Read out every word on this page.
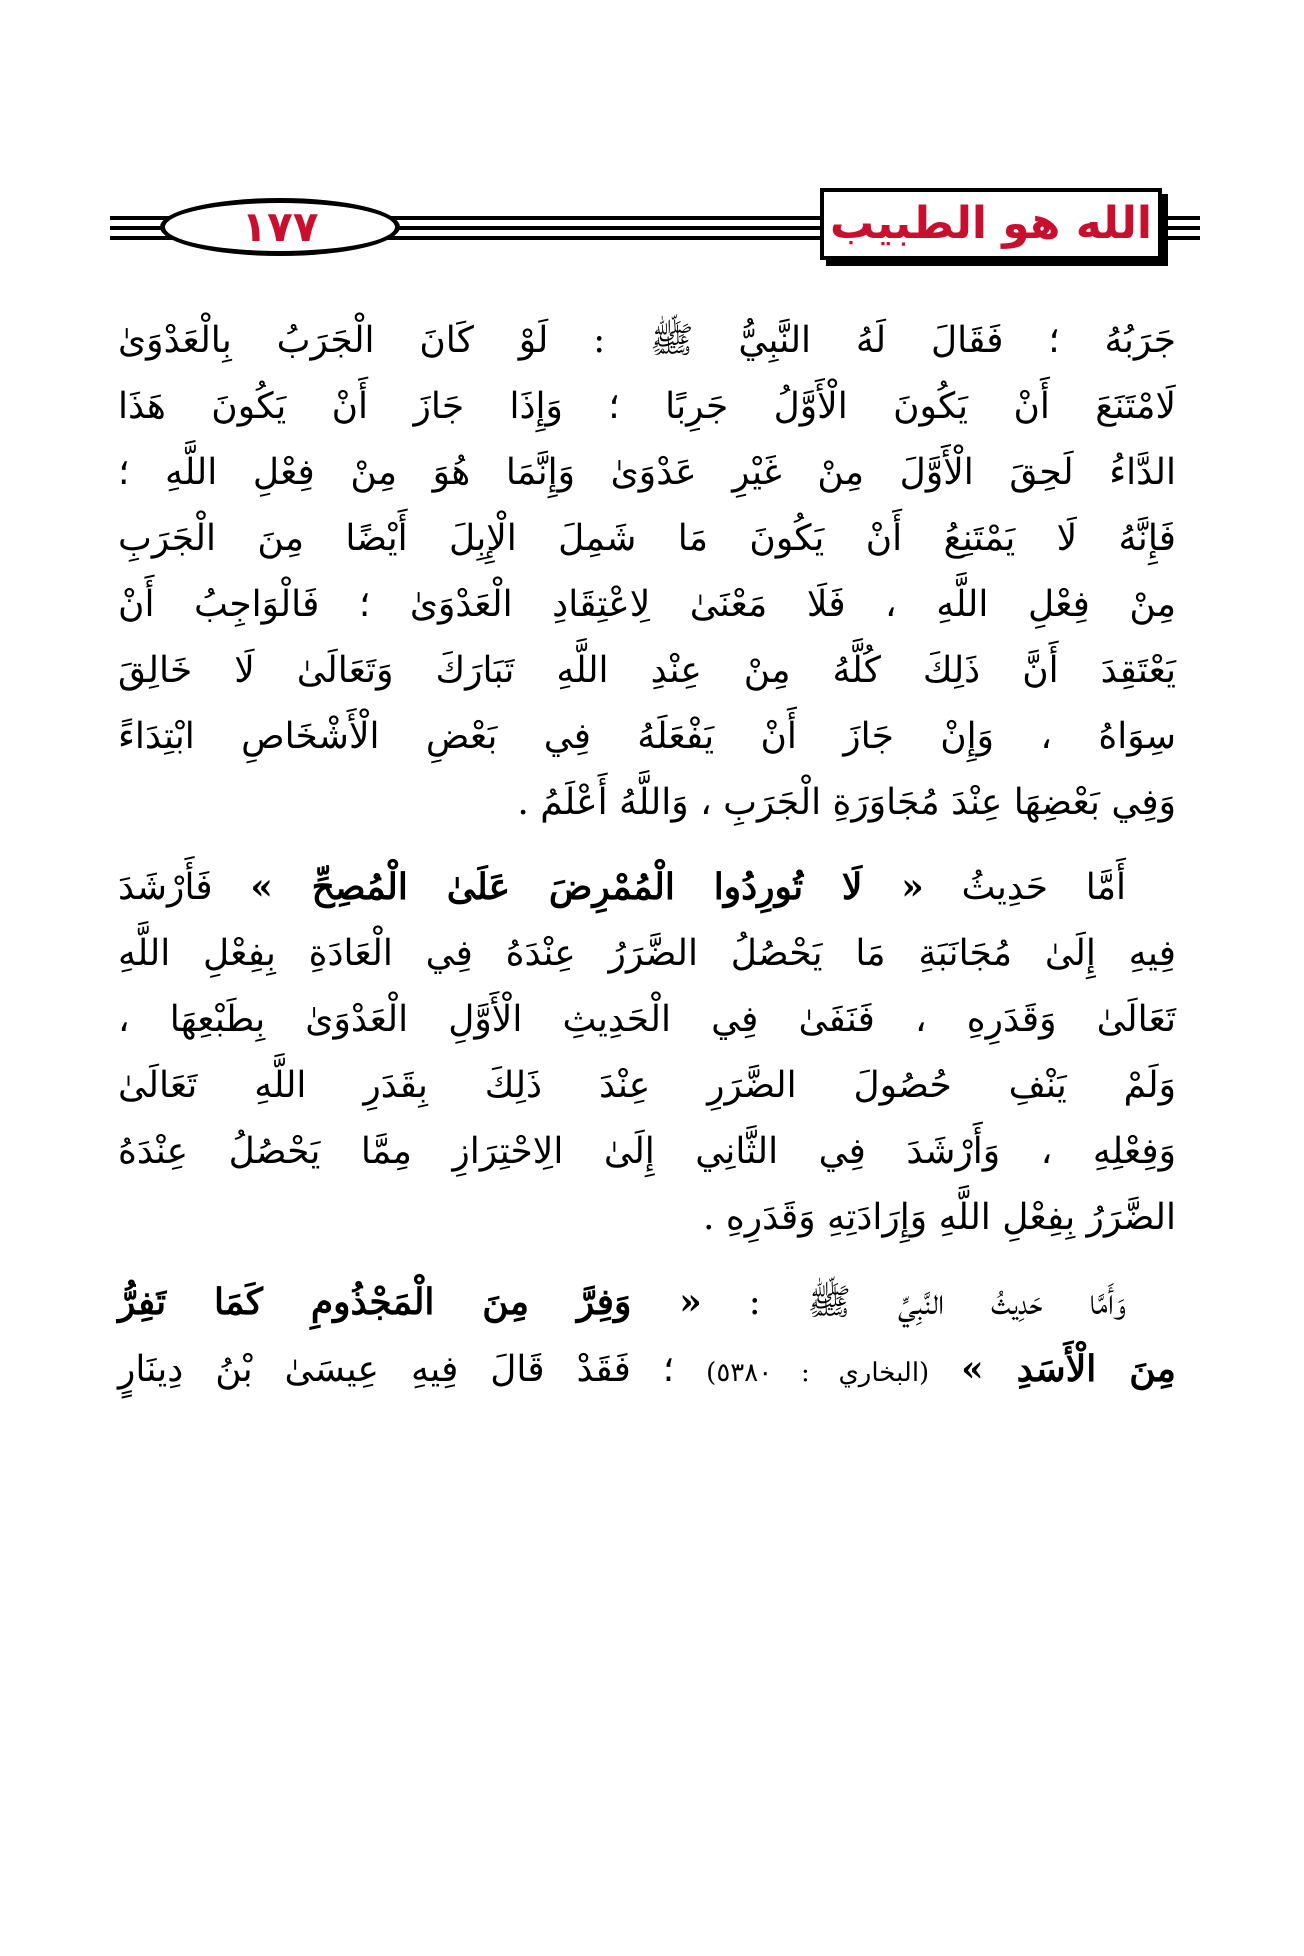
١٧٧	الله هو الطبيب

جَرَبُهُ ؛ فَقَالَ لَهُ النَّبِيُّ ﷺ : لَوْ كَانَ الْجَرَبُ بِالْعَدْوَىٰ
لَامْتَنَعَ أَنْ يَكُونَ الْأَوَّلُ جَرِبًا ؛ وَإِذَا جَازَ أَنْ يَكُونَ هَذَا
الدَّاءُ لَحِقَ الْأَوَّلَ مِنْ غَيْرِ عَدْوَىٰ وَإِنَّمَا هُوَ مِنْ فِعْلِ اللَّهِ ؛
فَإِنَّهُ لَا يَمْتَنِعُ أَنْ يَكُونَ مَا شَمِلَ الْإِبِلَ أَيْضًا مِنَ الْجَرَبِ
مِنْ فِعْلِ اللَّهِ ، فَلَا مَعْنَىٰ لِاعْتِقَادِ الْعَدْوَىٰ ؛ فَالْوَاجِبُ أَنْ
يَعْتَقِدَ أَنَّ ذَلِكَ كُلَّهُ مِنْ عِنْدِ اللَّهِ تَبَارَكَ وَتَعَالَىٰ لَا خَالِقَ
سِوَاهُ ، وَإِنْ جَازَ أَنْ يَفْعَلَهُ فِي بَعْضِ الْأَشْخَاصِ ابْتِدَاءً
وَفِي بَعْضِهَا عِنْدَ مُجَاوَرَةِ الْجَرَبِ ، وَاللَّهُ أَعْلَمُ .

أَمَّا حَدِيثُ « لَا تُورِدُوا الْمُمْرِضَ عَلَىٰ الْمُصِحِّ » فَأَرْشَدَ
فِيهِ إِلَىٰ مُجَانَبَةِ مَا يَحْصُلُ الضَّرَرُ عِنْدَهُ فِي الْعَادَةِ بِفِعْلِ اللَّهِ
تَعَالَىٰ وَقَدَرِهِ ، فَنَفَىٰ فِي الْحَدِيثِ الْأَوَّلِ الْعَدْوَىٰ بِطَبْعِهَا ،
وَلَمْ يَنْفِ حُصُولَ الضَّرَرِ عِنْدَ ذَلِكَ بِقَدَرِ اللَّهِ تَعَالَىٰ
وَفِعْلِهِ ، وَأَرْشَدَ فِي الثَّانِي إِلَىٰ الِاحْتِرَازِ مِمَّا يَحْصُلُ عِنْدَهُ
الضَّرَرُ بِفِعْلِ اللَّهِ وَإِرَادَتِهِ وَقَدَرِهِ .

وَأَمَّا حَدِيثُ النَّبِيِّ ﷺ : « وَفِرَّ مِنَ الْمَجْذُومِ كَمَا تَفِرُّ
مِنَ الْأَسَدِ » (البخاري : ٥٣٨٠) ؛ فَقَدْ قَالَ فِيهِ عِيسَىٰ بْنُ دِينَارٍ
